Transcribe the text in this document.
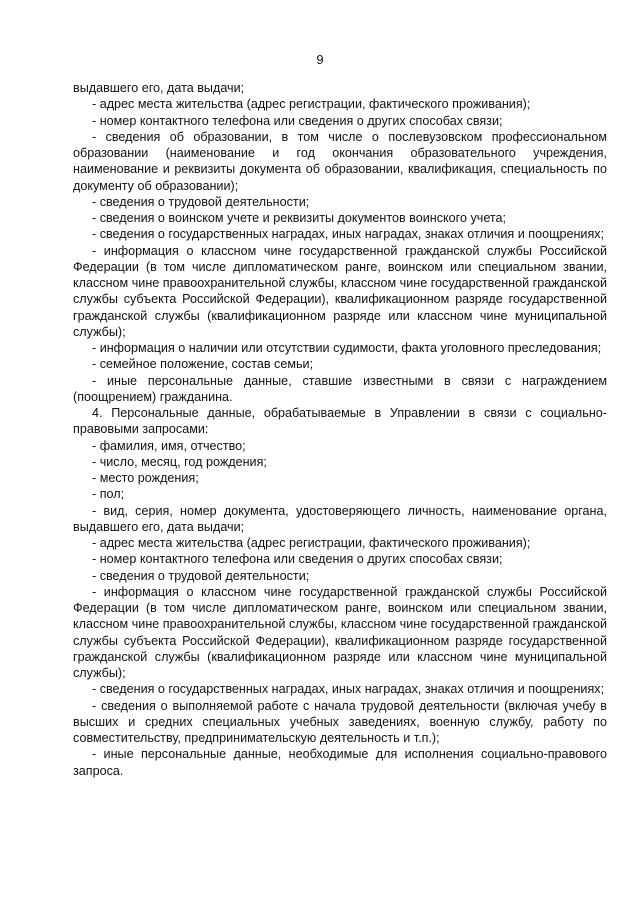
9

выдавшего его, дата выдачи;

- адрес места жительства (адрес регистрации, фактического проживания);

- номер контактного телефона или сведения о других способах связи;

- сведения об образовании, в том числе о послевузовском профессиональном образовании (наименование и год окончания образовательного учреждения, наименование и реквизиты документа об образовании, квалификация, специальность по документу об образовании);

- сведения о трудовой деятельности;

- сведения о воинском учете и реквизиты документов воинского учета;

- сведения о государственных наградах, иных наградах, знаках отличия и поощрениях;

- информация о классном чине государственной гражданской службы Российской Федерации (в том числе дипломатическом ранге, воинском или специальном звании, классном чине правоохранительной службы, классном чине государственной гражданской службы субъекта Российской Федерации), квалификационном разряде государственной гражданской службы (квалификационном разряде или классном чине муниципальной службы);

- информация о наличии или отсутствии судимости, факта уголовного преследования;

- семейное положение, состав семьи;

- иные персональные данные, ставшие известными в связи с награждением (поощрением) гражданина.

4. Персональные данные, обрабатываемые в Управлении в связи с социально-правовыми запросами:

- фамилия, имя, отчество;

- число, месяц, год рождения;

- место рождения;

- пол;

- вид, серия, номер документа, удостоверяющего личность, наименование органа, выдавшего его, дата выдачи;

- адрес места жительства (адрес регистрации, фактического проживания);

- номер контактного телефона или сведения о других способах связи;

- сведения о трудовой деятельности;

- информация о классном чине государственной гражданской службы Российской Федерации (в том числе дипломатическом ранге, воинском или специальном звании, классном чине правоохранительной службы, классном чине государственной гражданской службы субъекта Российской Федерации), квалификационном разряде государственной гражданской службы (квалификационном разряде или классном чине муниципальной службы);

- сведения о государственных наградах, иных наградах, знаках отличия и поощрениях;

- сведения о выполняемой работе с начала трудовой деятельности (включая учебу в высших и средних специальных учебных заведениях, военную службу, работу по совместительству, предпринимательскую деятельность и т.п.);

- иные персональные данные, необходимые для исполнения социально-правового запроса.
